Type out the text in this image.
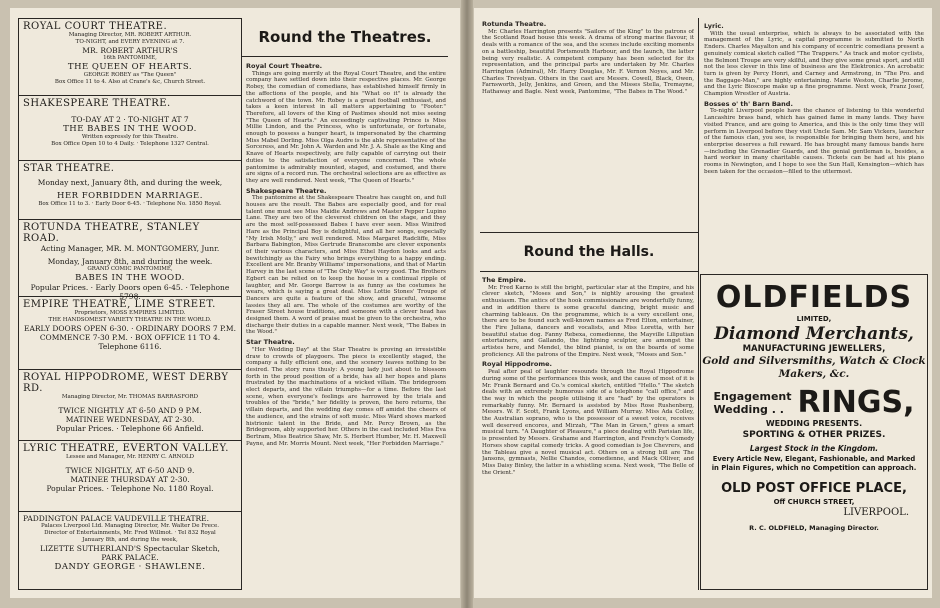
ROYAL COURT THEATRE.
Managing Director, MR. ROBERT ARTHUR.
TO-NIGHT, and EVERY EVENING at 7.
MR. ROBERT ARTHUR'S
16th PANTOMIME,
THE QUEEN OF HEARTS.
GEORGE ROBEY as "The Queen"
Box Office 11 to 4. Also at Crane's &c, Church Street.
SHAKESPEARE THEATRE.
TO-DAY AT 2 · TO-NIGHT AT 7
THE BABES IN THE WOOD.
Written expressly for this Theatre.
Box Office Open 10 to 4 Daily. · Telephone 1327 Central.
STAR THEATRE.
Monday next, January 8th, and during the week,
HER FORBIDDEN MARRIAGE.
Box Office 11 to 3. · Early Door 6-45. · Telephone No. 1850 Royal.
ROTUNDA THEATRE, STANLEY ROAD.
Acting Manager, MR. M. MONTGOMERY, Junr.
Monday, January 8th, and during the week.
GRAND COMIC PANTOMIME,
BABES IN THE WOOD.
Popular Prices. · Early Doors open 6-45. · Telephone 5798.
EMPIRE THEATRE, LIME STREET.
Proprietors, MOSS EMPIRES LIMITED.
THE HANDSOMEST VARIETY THEATRE IN THE WORLD.
EARLY DOORS OPEN 6-30. · ORDINARY DOORS 7 P.M.
COMMENCE 7-30 P.M. · BOX OFFICE 11 TO 4.
Telephone 6116.
ROYAL HIPPODROME, WEST DERBY RD.
Managing Director, Mr. THOMAS BARRASFORD
TWICE NIGHTLY AT 6-50 AND 9 P.M.
MATINEE WEDNESDAY, AT 2-30.
Popular Prices. · Telephone 66 Anfield.
LYRIC THEATRE, EVERTON VALLEY.
Lessee and Manager, Mr. HENRY C. ARNOLD
TWICE NIGHTLY, AT 6-50 AND 9.
MATINEE THURSDAY AT 2-30.
Popular Prices. · Telephone No. 1180 Royal.
PADDINGTON PALACE VAUDEVILLE THEATRE.
Palaces Liverpool Ltd. Managing Director, Mr. Walter De Frece.
Director of Entertainments, Mr. Fred Willmot. · Tel 832 Royal
January 8th, and during the week,
LIZETTE SUTHERLAND'S Spectacular Sketch,
PARK PALACE.
DANDY GEORGE · SHAWLENE.
Round the Theatres.
Royal Court Theatre.

Things are going merrily at the Royal Court Theatre, and the entire company have settled down into their respective places. Mr. George Robey, the comedian of comedians, has established himself firmly in the affections of the people, and his "What oo it" is already the catchword of the town. Mr. Robey is a great football enthusiast, and takes a keen interest in all matters appertaining to "Footer." Therefore, all lovers of the King of Pastimes should not miss seeing "The Queen of Hearts." An exceedingly captivating Prince is Miss Millie Lindon, and the Princess, who is unfortunate, or fortunate, enough to possess a hunger heart, is impersonated by the charming Miss Mabel Dorling. Miss Olga Audre is the able representative of the Sorceress, and Mr. John A. Warden and Mr. J. A. Shale as the King and Knave of Hearts respectively, are fully capable of carrying out their duties to the satisfaction of everyone concerned. The whole pantomime is admirably mounted, staged, and costumed, and there are signs of a record run. The orchestral selections are as effective as they are well rendered. Next week, "The Queen of Hearts."

Shakespeare Theatre.

The pantomime at the Shakespeare Theatre has caught on, and full houses are the result. The Babes are especially good, and for real talent one must see Miss Maidie Andrews and Master Pepper Lupino Lane. They are two of the cleverest children on the stage, and they are the most self-possessed Babes I have ever seen. Miss Winifred Hare as the Principal Boy is delightful, and all her songs, especially "My Irish Molly," are well rendered. Miss Margaret Radcliffe, Miss Barbara Babington, Miss Gertrude Branscombe are clever exponents of their various characters, and Miss Ethel Haydon looks and acts bewitchingly as the Fairy who brings everything to a happy ending. Excellent are Mr. Branby Williams' impersonations, and that of Martin Harvey in the last scene of "The Only Way" is very good. The Brothers Egbert can be relied on to keep the house in a continual ripple of laughter, and Mr. George Barrow is as funny as the costumes he wears, which is saying a great deal. Miss Lottie Stones' Troupe of Dancers are quite a feature of the show, and graceful, winsome lassies they all are. The whole of the costumes are worthy of the Fraser Street house traditions, and someone with a clever head has designed them. A word of praise must be given to the orchestra, who discharge their duties in a capable manner. Next week, "The Babes in the Wood."

Star Theatre.

"Her Wedding Day" at the Star Theatre is proving an irresistible draw to crowds of playgoers. The piece is excellently staged, the company a fully efficient one, and the scenery leaves nothing to be desired. The story runs thusly: A young lady just about to blossom forth in the proud position of a bride, has all her hopes and plans frustrated by the machinations of a wicked villain. The bridegroom elect departs, and the villain triumphs—for a time. Before the last scene, when everyone's feelings are harrowed by the trials and troubles of the "bride," her fidelity is proven, the hero returns, the villain departs, and the wedding day comes off amidst the cheers of the audience, and the strains of soft music. Miss Ward shows marked histrionic talent in the Bride, and Mr. Percy Brown, as the Bridegroom, ably supported her. Others in the cast included Miss Eva Bertram, Miss Beatrice Shaw, Mr. S. Herbert Humber, Mr. H. Maxwell Payne, and Mr. Morris Mount. Next week, "Her Forbidden Marriage."

Rotunda Theatre.

Mr. Charles Harrington presents "Sailors of the King" to the patrons of the Scotland Road house this week. A drama of strong marine flavour, it deals with a romance of the sea, and the scenes include exciting moments on a battleship, beautiful Portsmouth Harbour, and the launch, the latter being very realistic. A competent company has been selected for its representation, and the principal parts are undertaken by Mr. Charles Harrington (Admiral), Mr. Harry Douglas, Mr. F. Vernon Noyes, and Mr. Charles Trevelyan. Others in the cast are Messrs. Cowell, Black, Owen, Farnsworth, Jelly, Jenkins, and Green, and the Misses Stella, Tremayne, Hathaway and Bagle. Next week, Pantomime, "The Babes in The Wood."

Round the Halls.
The Empire.

Mr. Fred Karno is still the bright, particular star at the Empire, and his clever sketch, "Moses and Son," is nightly arousing the greatest enthusiasm. The antics of the hook commissionaire are wonderfully funny, and in addition there is some graceful dancing, bright music and charming tableaux. On the programme, which is a very excellent one, there are to be found such well-known names as Fred Elton, entertainer, the Fire Juliana, dancers and vocalists, and Miss Loretta, with her beautiful statue dog. Fanny Rebexa, comedienne, the Mayville Liliputian entertainers, and Gallando, the lightning sculptor, are amongst the artistes here, and Mendel, the blind pianist, is on the boards of some proficiency. All the patrons of the Empire. Next week, "Moses and Son."

Royal Hippodrome.

Peal after peal of laughter resounds through the Royal Hippodrome during some of the performances this week, and the cause of most of it is Mr. Frank Bernard and Co.'s comical sketch, entitled "Hello." The sketch deals with an extremely humorous side of a telephone "call office," and the way in which the people utilising it are "had" by the operators is remarkably funny. Mr. Bernard is assisted by Miss Rose Rushenberg, Messrs. W. F. Scott, Frank Lyons, and William Murray. Miss Ada Colley, the Australian soprano, who is the possessor of a sweet voice, receives well deserved encores, and Mirzah, "The Man in Green," gives a smart musical turn. "A Daughter of Pleasure," a piece dealing with Parisian life, is presented by Messrs. Grahame and Harrington, and Frenchy's Comedy Horses show capital comedy tricks. A good comedian is Joe Chevrers, and the Tableau give a novel musical act. Others on a strong bill are The Jansons, gymnasts, Nellie Chandos, comedienne, and Mack Olliver, and Miss Daisy Binley, the latter in a whistling scena. Next week, "The Belle of the Orient."

Lyric.

With the usual enterprise, which is always to be associated with the management of the Lyric, a capital programme is submitted to North Enders. Charles Mayalton and his company of eccentric comedians present a genuinely comical sketch called "The Trappers." As track and motor cyclists, the Belmont Troupe are very skilful, and they give some great sport, and still not the less clever in this line of business are the Elektronics. An acrobatic turn is given by Percy Honri, and Carney and Armstrong, in "The Pro. and the Baggage-Man," are highly entertaining. Marie Weston, Charlie Jerome, and the Lyric Bioscope make up a fine programme. Next week, Franz Josef, Champion Wrestler of Austria.

Bosses o' th' Barn Band.

To-night Liverpool people have the chance of listening to this wonderful Lancashire brass band, which has gained fame in many lands. They have visited France, and are going to America, and this is the only time they will perform in Liverpool before they visit Uncle Sam. Mr. Sam Vickers, launcher of the famous clan, you see, is responsible for bringing them here, and his enterprise deserves a full reward. He has brought many famous bands here—including the Grenadier Guards, and the genial gentleman is, besides, a hard worker in many charitable causes. Tickets can be had at his piano rooms in Newington, and I hope to see the Sun Hall, Kensington—which has been taken for the occasion—filled to the uttermost.

OLDFIELDS
LIMITED,
Diamond Merchants,
MANUFACTURING JEWELLERS,
Gold and Silversmiths, Watch & Clock Makers, &c.
Engagement
Wedding . . RINGS,
WEDDING PRESENTS.
SPORTING & OTHER PRIZES.
Largest Stock in the Kingdom.
Every Article New, Elegant, Fashionable, and Marked in Plain Figures, which no Competition can approach.
OLD POST OFFICE PLACE,
Off CHURCH STREET,
LIVERPOOL.
R. C. OLDFIELD, Managing Director.
